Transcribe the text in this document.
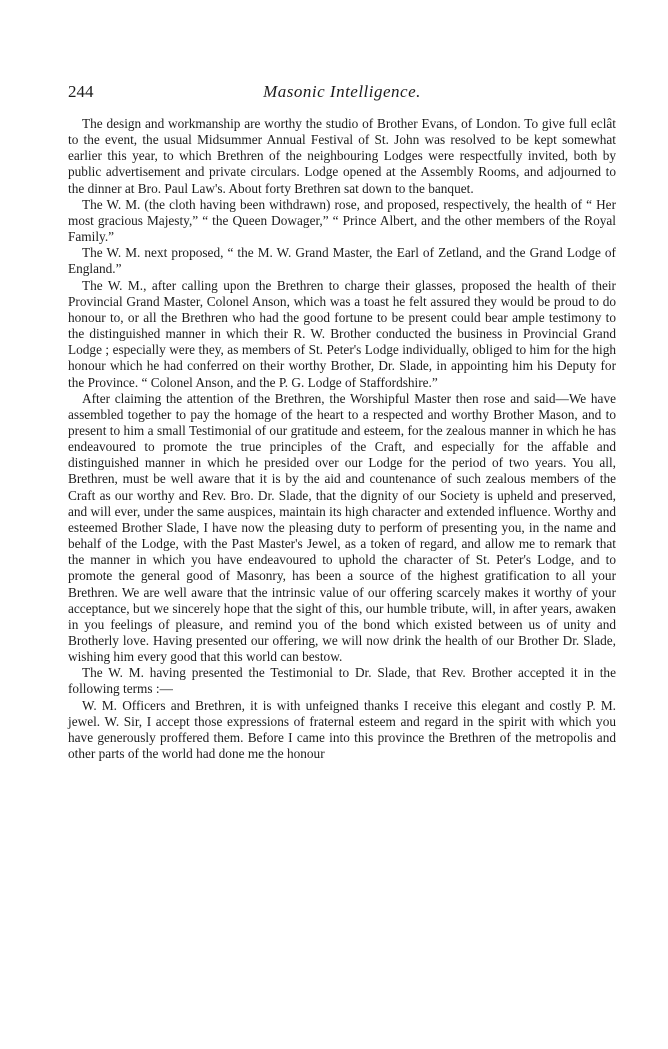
244	Masonic Intelligence.

The design and workmanship are worthy the studio of Brother Evans, of London. To give full eclât to the event, the usual Midsummer Annual Festival of St. John was resolved to be kept somewhat earlier this year, to which Brethren of the neighbouring Lodges were respectfully invited, both by public advertisement and private circulars. Lodge opened at the Assembly Rooms, and adjourned to the dinner at Bro. Paul Law's. About forty Brethren sat down to the banquet.

The W. M. (the cloth having been withdrawn) rose, and proposed, respectively, the health of “ Her most gracious Majesty,” “ the Queen Dowager,” “ Prince Albert, and the other members of the Royal Family.”

The W. M. next proposed, “ the M. W. Grand Master, the Earl of Zetland, and the Grand Lodge of England.”

The W. M., after calling upon the Brethren to charge their glasses, proposed the health of their Provincial Grand Master, Colonel Anson, which was a toast he felt assured they would be proud to do honour to, or all the Brethren who had the good fortune to be present could bear ample testimony to the distinguished manner in which their R. W. Brother conducted the business in Provincial Grand Lodge ; especially were they, as members of St. Peter's Lodge individually, obliged to him for the high honour which he had conferred on their worthy Brother, Dr. Slade, in appointing him his Deputy for the Province. “ Colonel Anson, and the P. G. Lodge of Staffordshire.”

After claiming the attention of the Brethren, the Worshipful Master then rose and said—We have assembled together to pay the homage of the heart to a respected and worthy Brother Mason, and to present to him a small Testimonial of our gratitude and esteem, for the zealous manner in which he has endeavoured to promote the true principles of the Craft, and especially for the affable and distinguished manner in which he presided over our Lodge for the period of two years. You all, Brethren, must be well aware that it is by the aid and countenance of such zealous members of the Craft as our worthy and Rev. Bro. Dr. Slade, that the dignity of our Society is upheld and preserved, and will ever, under the same auspices, maintain its high character and extended influence. Worthy and esteemed Brother Slade, I have now the pleasing duty to perform of presenting you, in the name and behalf of the Lodge, with the Past Master's Jewel, as a token of regard, and allow me to remark that the manner in which you have endeavoured to uphold the character of St. Peter's Lodge, and to promote the general good of Masonry, has been a source of the highest gratification to all your Brethren. We are well aware that the intrinsic value of our offering scarcely makes it worthy of your acceptance, but we sincerely hope that the sight of this, our humble tribute, will, in after years, awaken in you feelings of pleasure, and remind you of the bond which existed between us of unity and Brotherly love. Having presented our offering, we will now drink the health of our Brother Dr. Slade, wishing him every good that this world can bestow.

The W. M. having presented the Testimonial to Dr. Slade, that Rev. Brother accepted it in the following terms :—

W. M. Officers and Brethren, it is with unfeigned thanks I receive this elegant and costly P. M. jewel. W. Sir, I accept those expressions of fraternal esteem and regard in the spirit with which you have generously proffered them. Before I came into this province the Brethren of the metropolis and other parts of the world had done me the honour
